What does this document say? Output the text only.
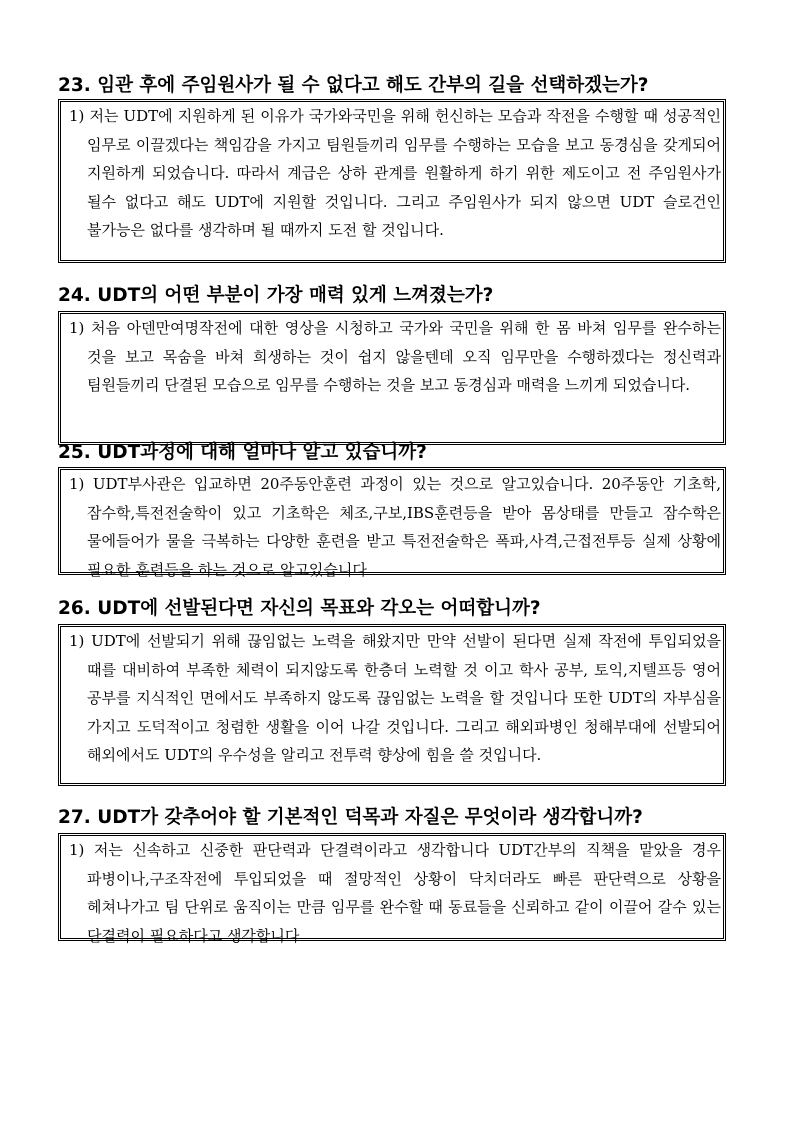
23. 임관 후에 주임원사가 될 수 없다고 해도 간부의 길을 선택하겠는가?

1) 저는 UDT에 지원하게 된 이유가 국가와국민을 위해 헌신하는 모습과 작전을 수행할 때 성공적인 임무로 이끌겠다는 책임감을 가지고 팀원들끼리 임무를 수행하는 모습을 보고 동경심을 갖게되어 지원하게 되었습니다. 따라서 계급은 상하 관계를 원활하게 하기 위한 제도이고 전 주임원사가 될수 없다고 해도 UDT에 지원할 것입니다. 그리고 주임원사가 되지 않으면 UDT 슬로건인 불가능은 없다를 생각하며 될 때까지 도전 할 것입니다.

24. UDT의 어떤 부분이 가장 매력 있게 느껴졌는가?

1) 처음 아덴만여명작전에 대한 영상을 시청하고 국가와 국민을 위해 한 몸 바쳐 임무를 완수하는 것을 보고 목숨을 바쳐 희생하는 것이 쉽지 않을텐데 오직 임무만을 수행하겠다는 정신력과 팀원들끼리 단결된 모습으로 임무를 수행하는 것을 보고 동경심과 매력을 느끼게 되었습니다.

25. UDT과정에 대해 얼마나 알고 있습니까?

1) UDT부사관은 입교하면 20주동안훈련 과정이 있는 것으로 알고있습니다. 20주동안 기초학,잠수학,특전전술학이 있고 기초학은 체조,구보,IBS훈련등을 받아 몸상태를 만들고 잠수학은 물에들어가 물을 극복하는 다양한 훈련을 받고 특전전술학은 폭파,사격,근접전투등 실제 상황에 필요한 훈련등을 하는 것으로 알고있습니다

26. UDT에 선발된다면 자신의 목표와 각오는 어떠합니까?

1) UDT에 선발되기 위해 끊임없는 노력을 해왔지만 만약 선발이 된다면 실제 작전에 투입되었을 때를 대비하여 부족한 체력이 되지않도록 한층더 노력할 것 이고 학사 공부, 토익,지텔프등 영어 공부를 지식적인 면에서도 부족하지 않도록 끊임없는 노력을 할 것입니다 또한 UDT의 자부심을 가지고 도덕적이고 청렴한 생활을 이어 나갈 것입니다. 그리고 해외파병인 청해부대에 선발되어 해외에서도 UDT의 우수성을 알리고 전투력 향상에 힘을 쓸 것입니다.

27. UDT가 갖추어야 할 기본적인 덕목과 자질은 무엇이라 생각합니까?

1) 저는 신속하고 신중한 판단력과 단결력이라고 생각합니다 UDT간부의 직책을 맡았을 경우 파병이나,구조작전에 투입되었을 때 절망적인 상황이 닥치더라도 빠른 판단력으로 상황을 헤쳐나가고 팀 단위로 움직이는 만큼 임무를 완수할 때 동료들을 신뢰하고 같이 이끌어 갈수 있는 단결력이 필요하다고 생각합니다
